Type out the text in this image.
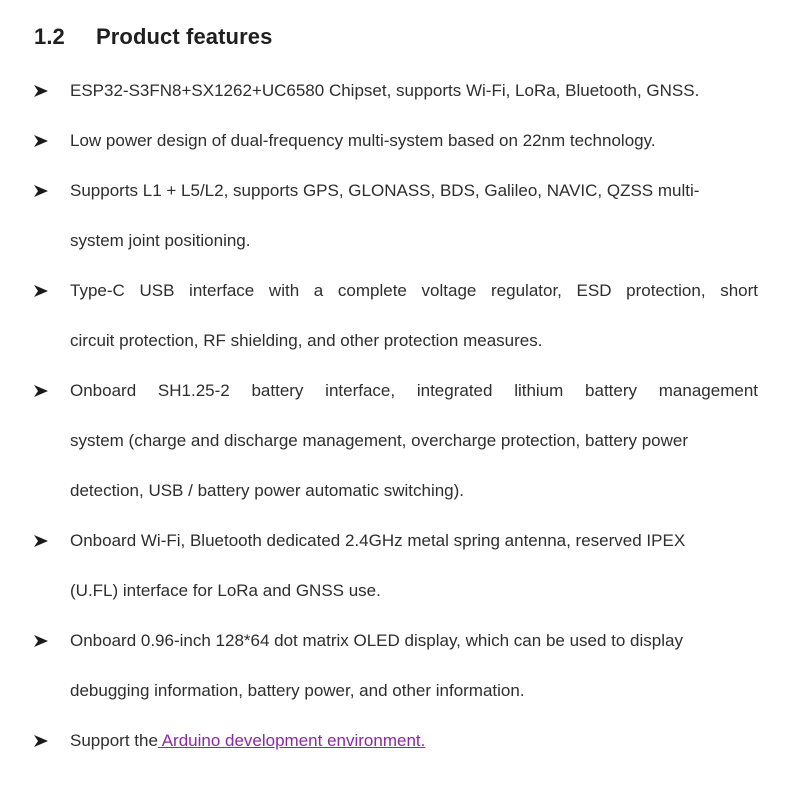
1.2 Product features
ESP32-S3FN8+SX1262+UC6580 Chipset, supports Wi-Fi, LoRa, Bluetooth, GNSS.
Low power design of dual-frequency multi-system based on 22nm technology.
Supports L1 + L5/L2, supports GPS, GLONASS, BDS, Galileo, NAVIC, QZSS multi-
system joint positioning.
Type-C USB interface with a complete voltage regulator, ESD protection, short
circuit protection, RF shielding, and other protection measures.
Onboard SH1.25-2 battery interface, integrated lithium battery management
system (charge and discharge management, overcharge protection, battery power
detection, USB / battery power automatic switching).
Onboard Wi-Fi, Bluetooth dedicated 2.4GHz metal spring antenna, reserved IPEX
(U.FL) interface for LoRa and GNSS use.
Onboard 0.96-inch 128*64 dot matrix OLED display, which can be used to display
debugging information, battery power, and other information.
Support the Arduino development environment.
